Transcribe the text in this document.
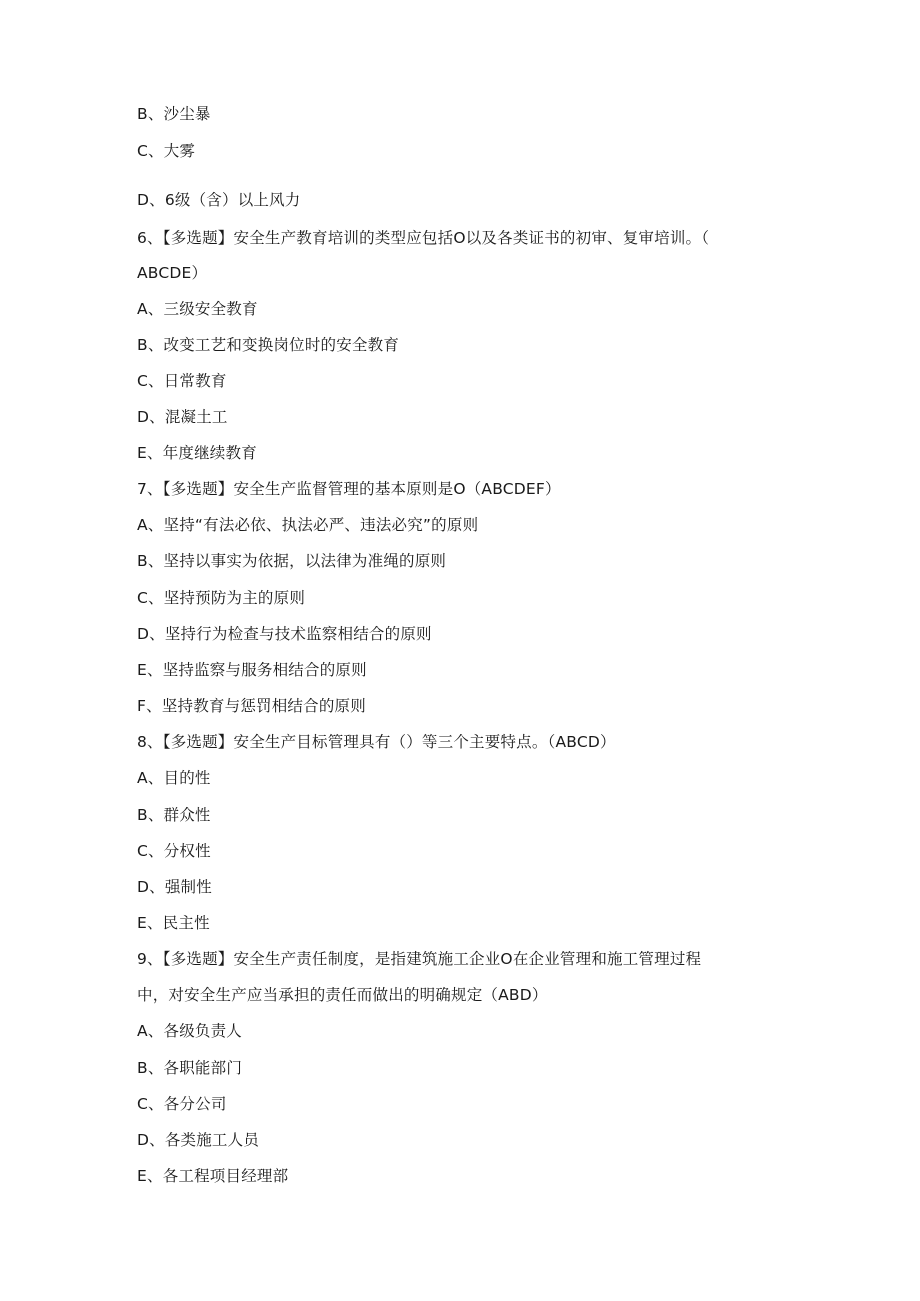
B、沙尘暴
C、大雾
D、6级（含）以上风力
6、【多选题】安全生产教育培训的类型应包括O以及各类证书的初审、复审培训。（
ABCDE）
A、三级安全教育
B、改变工艺和变换岗位时的安全教育
C、日常教育
D、混凝土工
E、年度继续教育
7、【多选题】安全生产监督管理的基本原则是O（ABCDEF）
A、坚持“有法必依、执法必严、违法必究”的原则
B、坚持以事实为依据，以法律为准绳的原则
C、坚持预防为主的原则
D、坚持行为检查与技术监察相结合的原则
E、坚持监察与服务相结合的原则
F、坚持教育与惩罚相结合的原则
8、【多选题】安全生产目标管理具有（）等三个主要特点。（ABCD）
A、目的性
B、群众性
C、分权性
D、强制性
E、民主性
9、【多选题】安全生产责任制度，是指建筑施工企业O在企业管理和施工管理过程
中，对安全生产应当承担的责任而做出的明确规定（ABD）
A、各级负责人
B、各职能部门
C、各分公司
D、各类施工人员
E、各工程项目经理部
